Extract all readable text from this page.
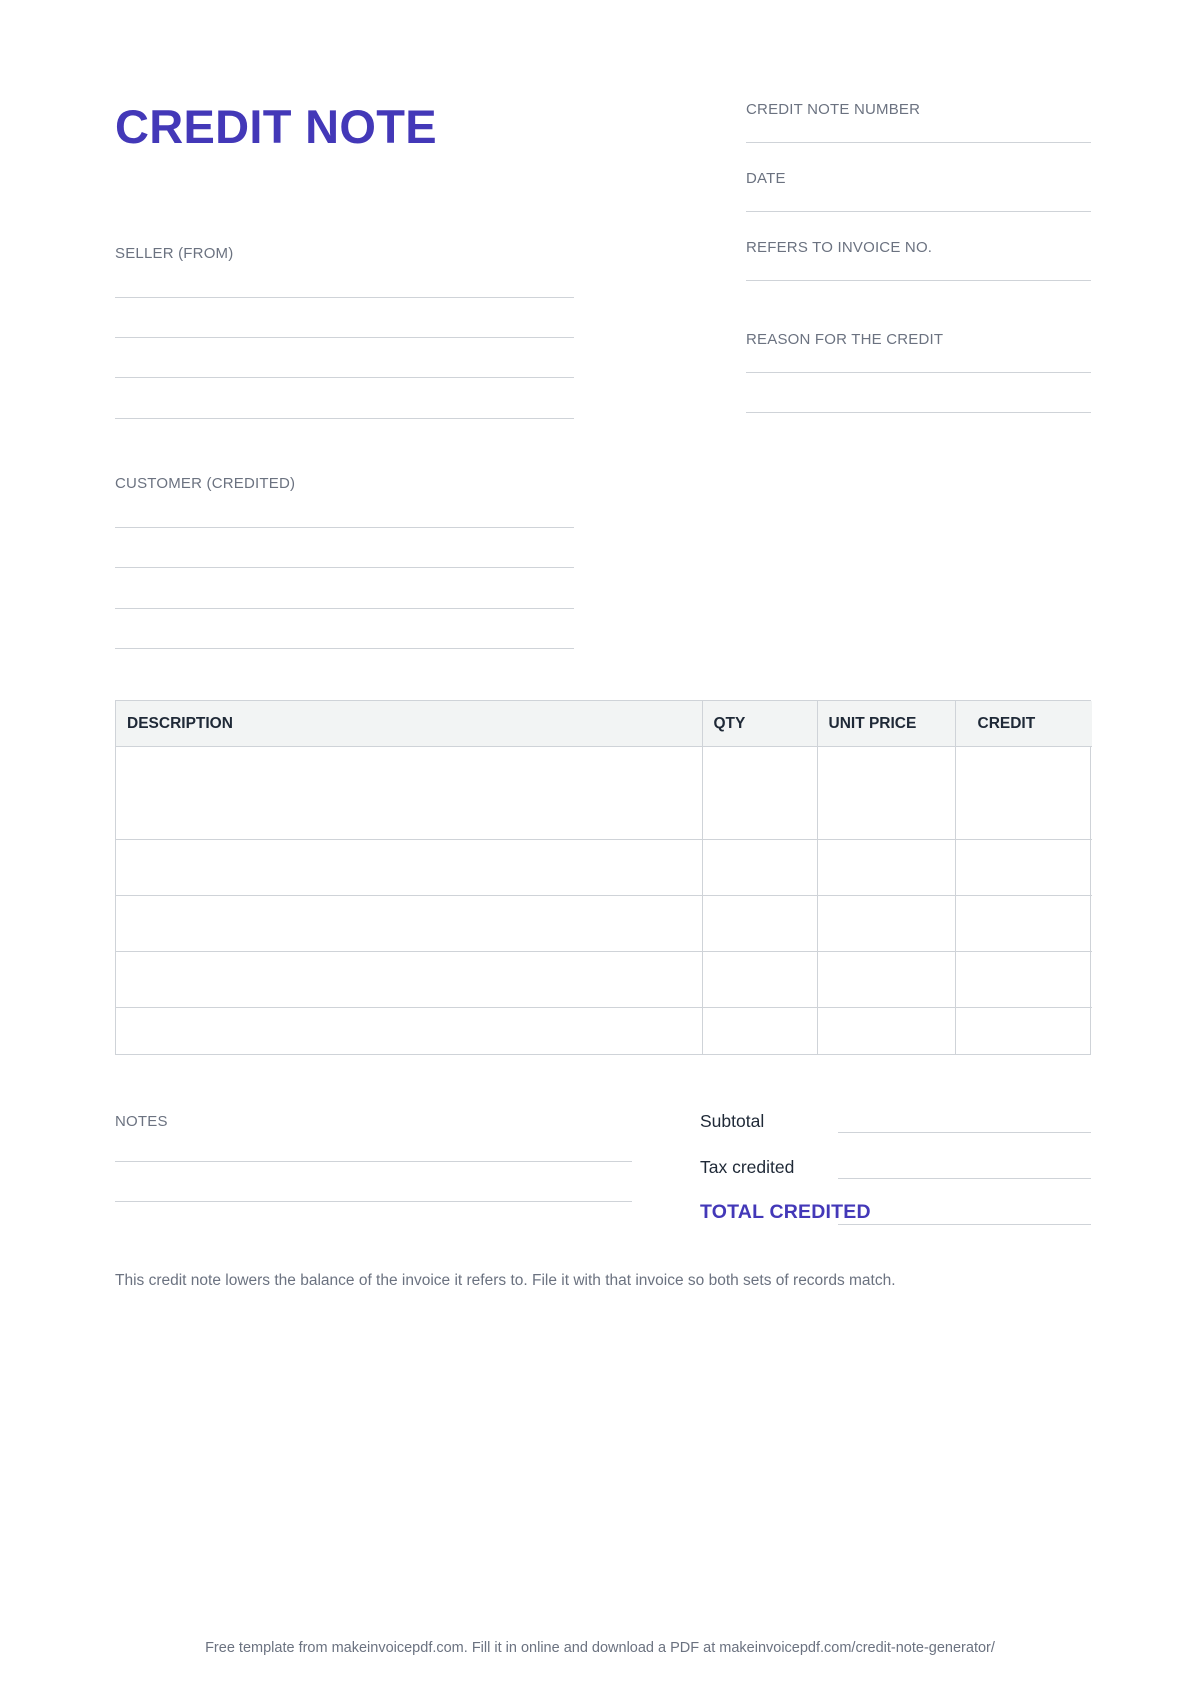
CREDIT NOTE	CREDIT NOTE NUMBER
DATE
REFERS TO INVOICE NO.
REASON FOR THE CREDIT
SELLER (FROM)
CUSTOMER (CREDITED)
DESCRIPTION	QTY	UNIT PRICE	CREDIT

NOTES	Subtotal
Tax credited
TOTAL CREDITED
This credit note lowers the balance of the invoice it refers to. File it with that invoice so both sets of records match.
Free template from makeinvoicepdf.com. Fill it in online and download a PDF at makeinvoicepdf.com/credit-note-generator/
